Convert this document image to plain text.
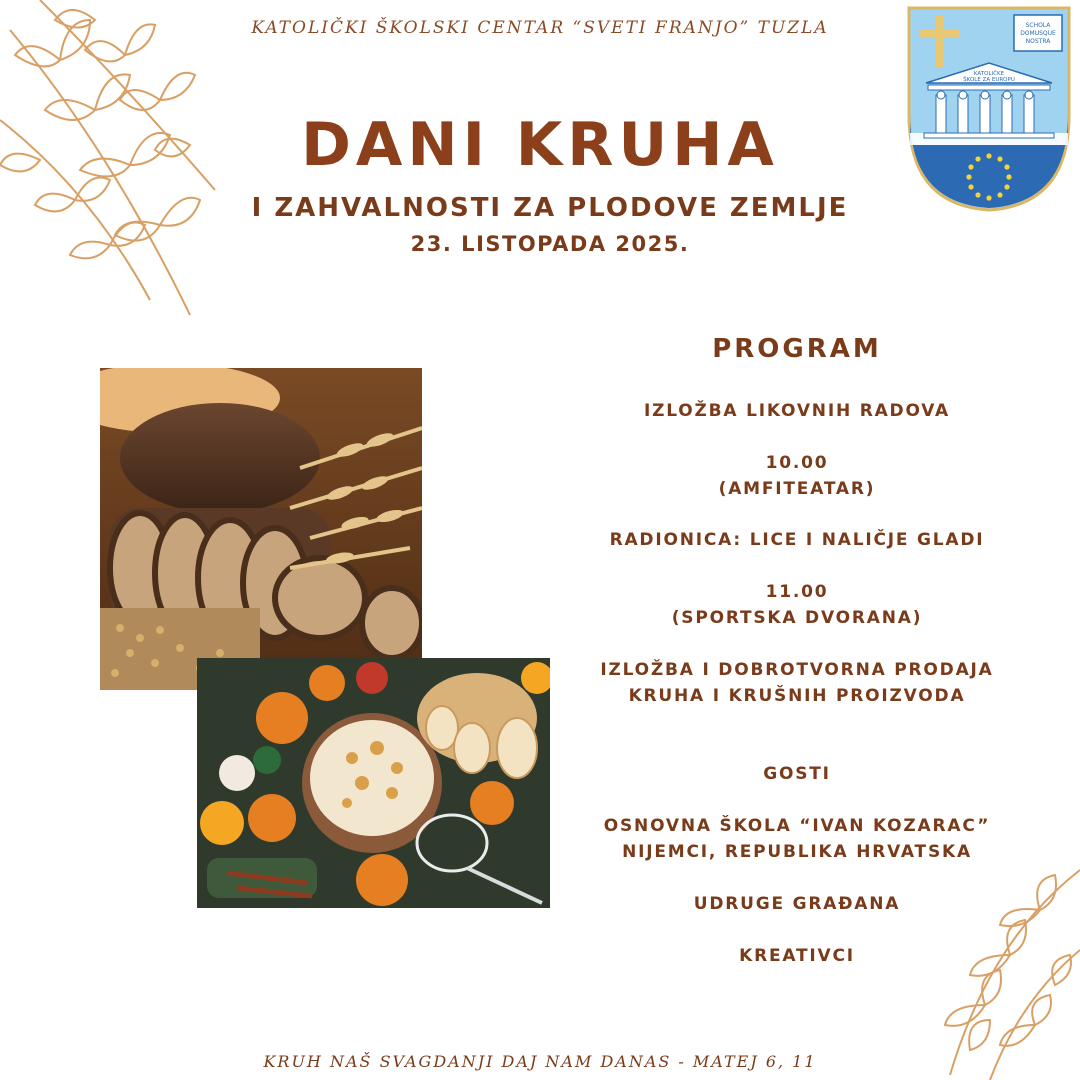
SCHOLA
DOMUSQUE
NOSTRA
KATOLIČKE
ŠKOLE ZA EUROPU
KATOLIČKI ŠKOLSKI CENTAR “SVETI FRANJO” TUZLA
DANI KRUHA
I ZAHVALNOSTI ZA PLODOVE ZEMLJE
23. LISTOPADA 2025.
PROGRAM
IZLOŽBA LIKOVNIH RADOVA
10.00
(AMFITEATAR)
RADIONICA: LICE I NALIČJE GLADI
11.00
(SPORTSKA DVORANA)
IZLOŽBA I DOBROTVORNA PRODAJA
KRUHA I KRUŠNIH PROIZVODA
GOSTI
OSNOVNA ŠKOLA “IVAN KOZARAC”
NIJEMCI, REPUBLIKA HRVATSKA
UDRUGE GRAĐANA
KREATIVCI
KRUH NAŠ SVAGDANJI DAJ NAM DANAS - MATEJ 6, 11
